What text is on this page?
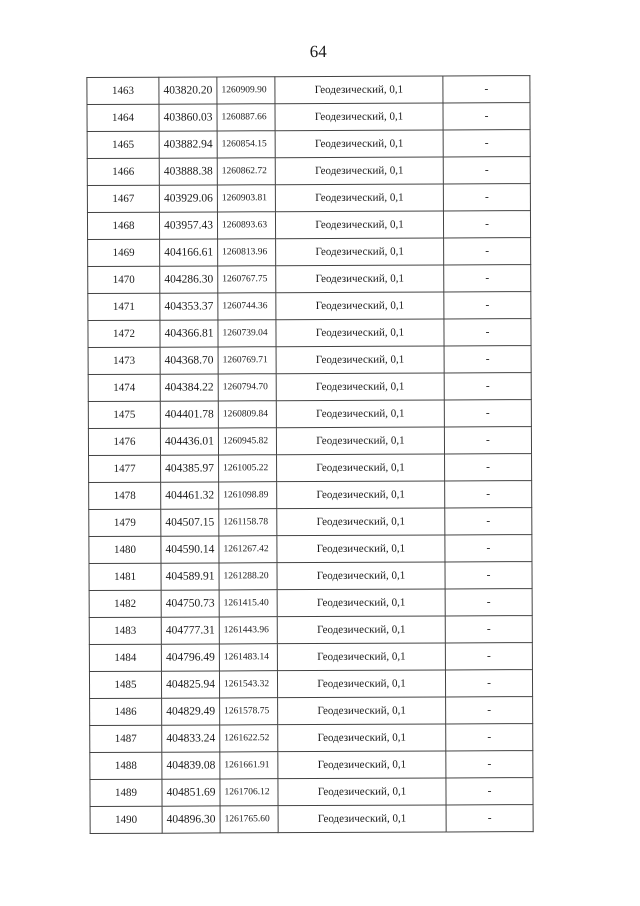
64
1463	403820.20	1260909.90	Геодезический, 0,1	-
1464	403860.03	1260887.66	Геодезический, 0,1	-
1465	403882.94	1260854.15	Геодезический, 0,1	-
1466	403888.38	1260862.72	Геодезический, 0,1	-
1467	403929.06	1260903.81	Геодезический, 0,1	-
1468	403957.43	1260893.63	Геодезический, 0,1	-
1469	404166.61	1260813.96	Геодезический, 0,1	-
1470	404286.30	1260767.75	Геодезический, 0,1	-
1471	404353.37	1260744.36	Геодезический, 0,1	-
1472	404366.81	1260739.04	Геодезический, 0,1	-
1473	404368.70	1260769.71	Геодезический, 0,1	-
1474	404384.22	1260794.70	Геодезический, 0,1	-
1475	404401.78	1260809.84	Геодезический, 0,1	-
1476	404436.01	1260945.82	Геодезический, 0,1	-
1477	404385.97	1261005.22	Геодезический, 0,1	-
1478	404461.32	1261098.89	Геодезический, 0,1	-
1479	404507.15	1261158.78	Геодезический, 0,1	-
1480	404590.14	1261267.42	Геодезический, 0,1	-
1481	404589.91	1261288.20	Геодезический, 0,1	-
1482	404750.73	1261415.40	Геодезический, 0,1	-
1483	404777.31	1261443.96	Геодезический, 0,1	-
1484	404796.49	1261483.14	Геодезический, 0,1	-
1485	404825.94	1261543.32	Геодезический, 0,1	-
1486	404829.49	1261578.75	Геодезический, 0,1	-
1487	404833.24	1261622.52	Геодезический, 0,1	-
1488	404839.08	1261661.91	Геодезический, 0,1	-
1489	404851.69	1261706.12	Геодезический, 0,1	-
1490	404896.30	1261765.60	Геодезический, 0,1	-
